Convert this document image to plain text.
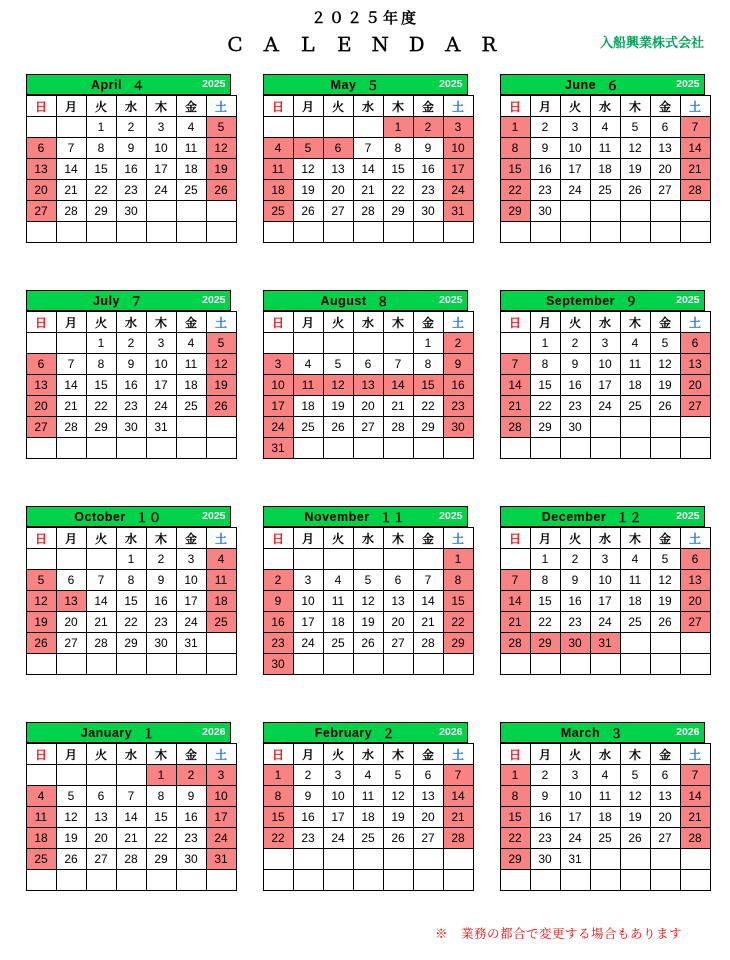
２０２５年度
Ｃ Ａ Ｌ Ｅ Ｎ Ｄ Ａ Ｒ	入船興業株式会社
April ４	2025
日	月	火	水	木	金	土
		1	2	3	4	5
6	7	8	9	10	11	12
13	14	15	16	17	18	19
20	21	22	23	24	25	26
27	28	29	30			

May ５	2025
日	月	火	水	木	金	土
				1	2	3
4	5	6	7	8	9	10
11	12	13	14	15	16	17
18	19	20	21	22	23	24
25	26	27	28	29	30	31

June ６	2025
日	月	火	水	木	金	土
1	2	3	4	5	6	7
8	9	10	11	12	13	14
15	16	17	18	19	20	21
22	23	24	25	26	27	28
29	30					

July ７	2025
日	月	火	水	木	金	土
		1	2	3	4	5
6	7	8	9	10	11	12
13	14	15	16	17	18	19
20	21	22	23	24	25	26
27	28	29	30	31		

August ８	2025
日	月	火	水	木	金	土
					1	2
3	4	5	6	7	8	9
10	11	12	13	14	15	16
17	18	19	20	21	22	23
24	25	26	27	28	29	30
31						
September ９	2025
日	月	火	水	木	金	土
	1	2	3	4	5	6
7	8	9	10	11	12	13
14	15	16	17	18	19	20
21	22	23	24	25	26	27
28	29	30				

October １０	2025
日	月	火	水	木	金	土
			1	2	3	4
5	6	7	8	9	10	11
12	13	14	15	16	17	18
19	20	21	22	23	24	25
26	27	28	29	30	31	

November １１	2025
日	月	火	水	木	金	土
						1
2	3	4	5	6	7	8
9	10	11	12	13	14	15
16	17	18	19	20	21	22
23	24	25	26	27	28	29
30						
December １２	2025
日	月	火	水	木	金	土
	1	2	3	4	5	6
7	8	9	10	11	12	13
14	15	16	17	18	19	20
21	22	23	24	25	26	27
28	29	30	31			

January １	2026
日	月	火	水	木	金	土
				1	2	3
4	5	6	7	8	9	10
11	12	13	14	15	16	17
18	19	20	21	22	23	24
25	26	27	28	29	30	31

February ２	2026
日	月	火	水	木	金	土
1	2	3	4	5	6	7
8	9	10	11	12	13	14
15	16	17	18	19	20	21
22	23	24	25	26	27	28

March ３	2026
日	月	火	水	木	金	土
1	2	3	4	5	6	7
8	9	10	11	12	13	14
15	16	17	18	19	20	21
22	23	24	25	26	27	28
29	30	31				

※　業務の都合で変更する場合もあります
